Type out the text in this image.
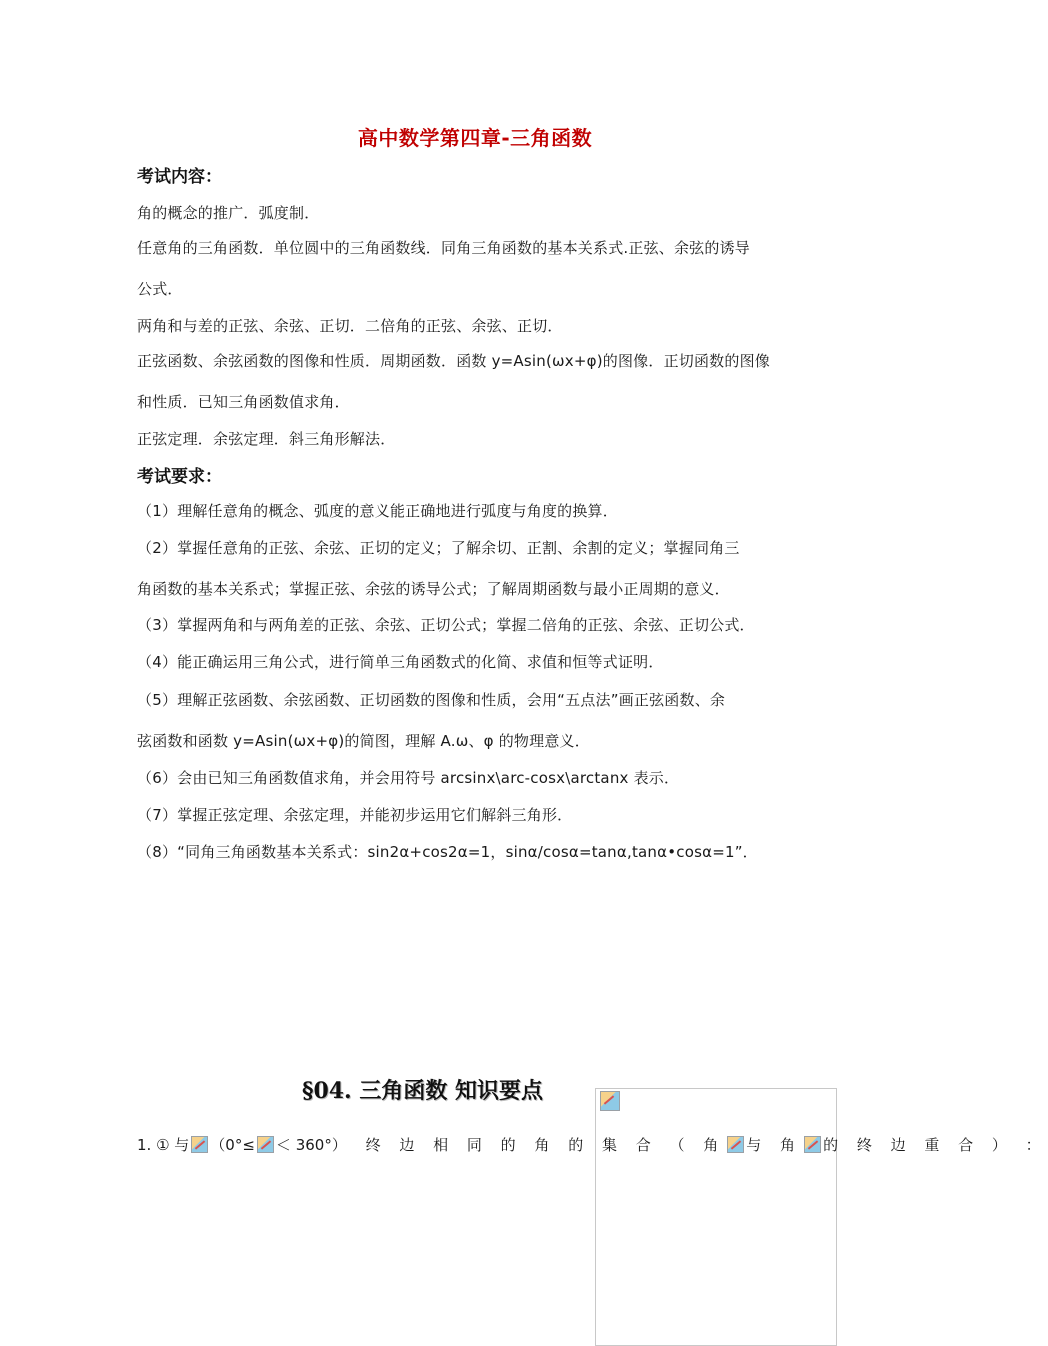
高中数学第四章-三角函数
考试内容：
角的概念的推广．弧度制．
任意角的三角函数．单位圆中的三角函数线．同角三角函数的基本关系式.正弦、余弦的诱导
公式．
两角和与差的正弦、余弦、正切．二倍角的正弦、余弦、正切．
正弦函数、余弦函数的图像和性质．周期函数．函数 y=Asin(ωx+φ)的图像．正切函数的图像
和性质．已知三角函数值求角．
正弦定理．余弦定理．斜三角形解法．
考试要求：
（1）理解任意角的概念、弧度的意义能正确地进行弧度与角度的换算．
（2）掌握任意角的正弦、余弦、正切的定义；了解余切、正割、余割的定义；掌握同角三
角函数的基本关系式；掌握正弦、余弦的诱导公式；了解周期函数与最小正周期的意义．
（3）掌握两角和与两角差的正弦、余弦、正切公式；掌握二倍角的正弦、余弦、正切公式．
（4）能正确运用三角公式，进行简单三角函数式的化简、求值和恒等式证明．
（5）理解正弦函数、余弦函数、正切函数的图像和性质，会用“五点法”画正弦函数、余
弦函数和函数 y=Asin(ωx+φ)的简图，理解 A.ω、φ 的物理意义．
（6）会由已知三角函数值求角，并会用符号 arcsinx\arc-cosx\arctanx 表示．
（7）掌握正弦定理、余弦定理，并能初步运用它们解斜三角形．
（8）“同角三角函数基本关系式：sin2α+cos2α=1，sinα/cosα=tanα,tanα•cosα=1”．
§04. 三角函数 知识要点
1. ① 与 （0°≤ ＜ 360° ） 终 边 相 同 的 角 的 集 合 （ 角 与 角 的 终 边 重 合 ） ：
